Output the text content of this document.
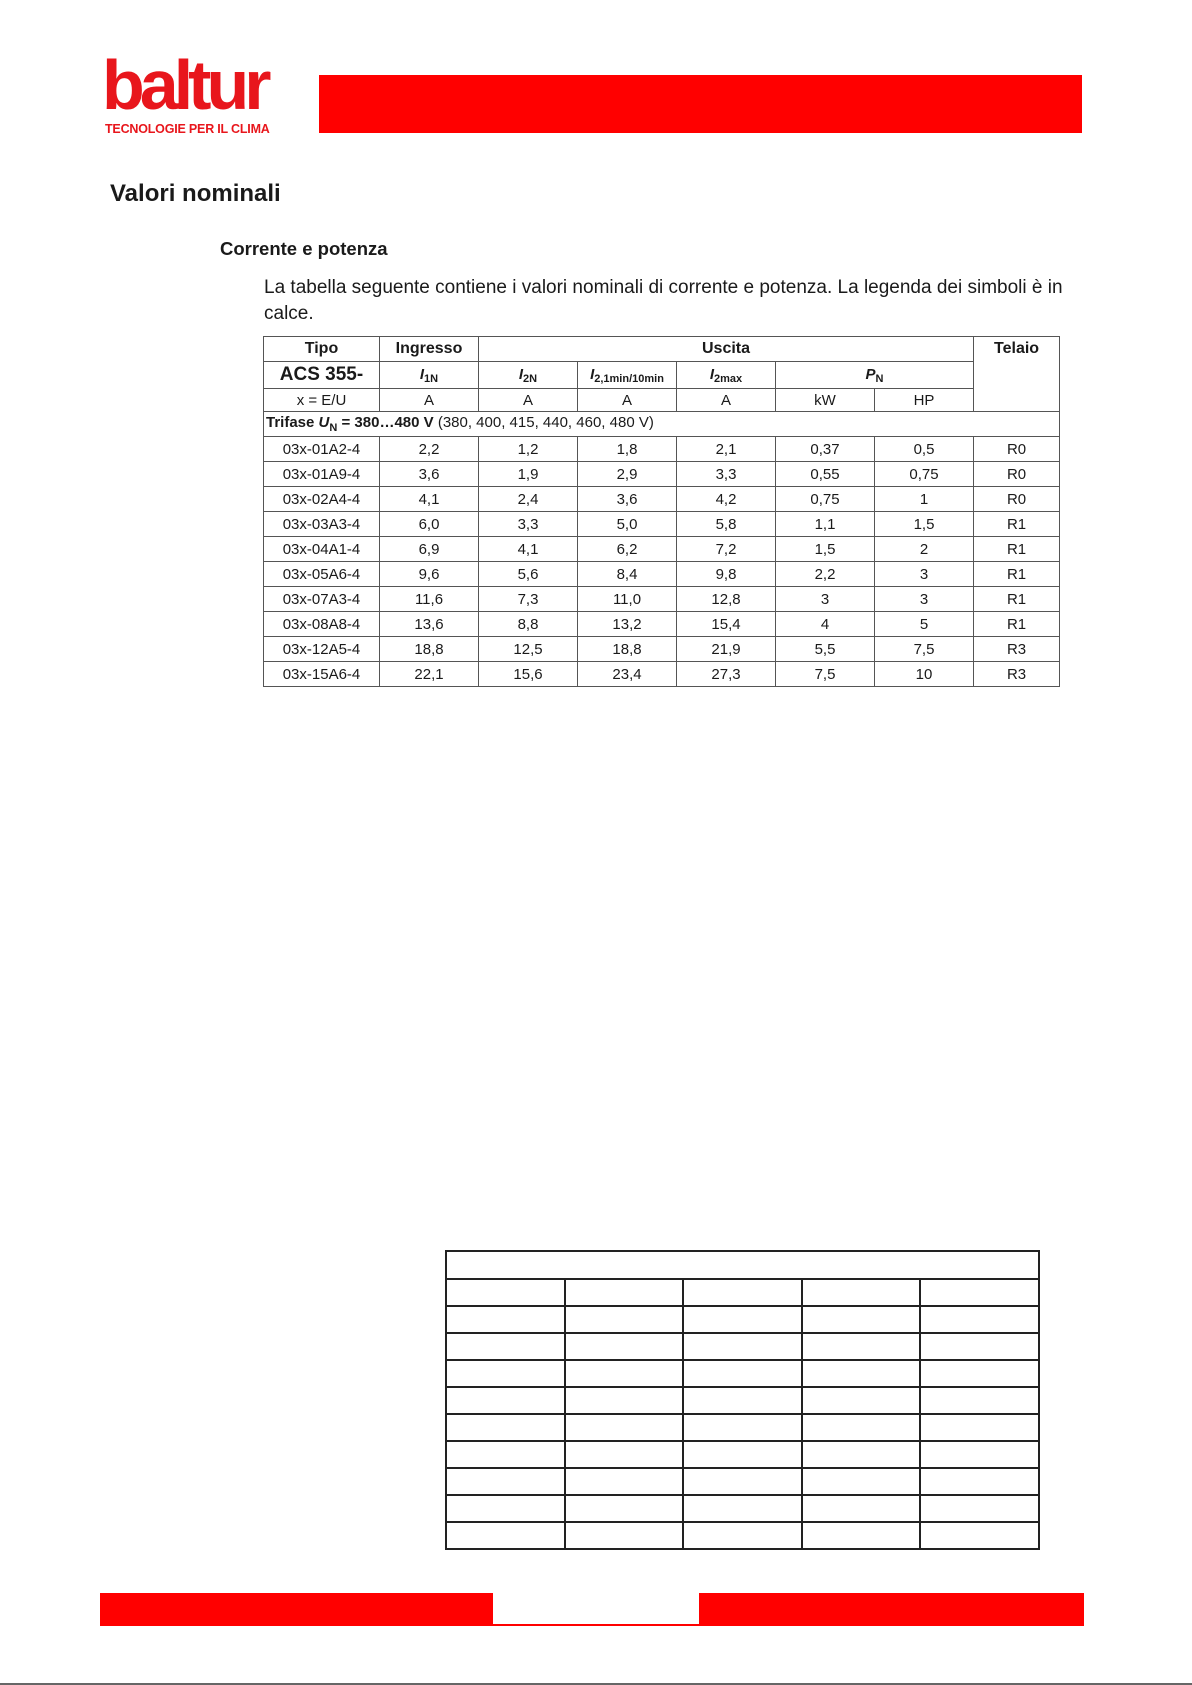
baltur
TECNOLOGIE PER IL CLIMA
Valori nominali
Corrente e potenza
La tabella seguente contiene i valori nominali di corrente e potenza. La legenda dei simboli è in calce.
Tipo	Ingresso	Uscita					Telaio
ACS 355-	$I_{1N}$	$I_{2N}$	$I_{2,1min/10min}$	$I_{2max}$	$P_N$
x = E/U	A	A	A	A	kW	HP	
Trifase $U_N$ = 380…480 V (380, 400, 415, 440, 460, 480 V)							
03x-01A2-4	2,2	1,2	1,8	2,1	0,37	0,5	R0
03x-01A9-4	3,6	1,9	2,9	3,3	0,55	0,75	R0
03x-02A4-4	4,1	2,4	3,6	4,2	0,75	1	R0
03x-03A3-4	6,0	3,3	5,0	5,8	1,1	1,5	R1
03x-04A1-4	6,9	4,1	6,2	7,2	1,5	2	R1
03x-05A6-4	9,6	5,6	8,4	9,8	2,2	3	R1
03x-07A3-4	11,6	7,3	11,0	12,8	3	3	R1
03x-08A8-4	13,6	8,8	13,2	15,4	4	5	R1
03x-12A5-4	18,8	12,5	18,8	21,9	5,5	7,5	R3
03x-15A6-4	22,1	15,6	23,4	27,3	7,5	10	R3
